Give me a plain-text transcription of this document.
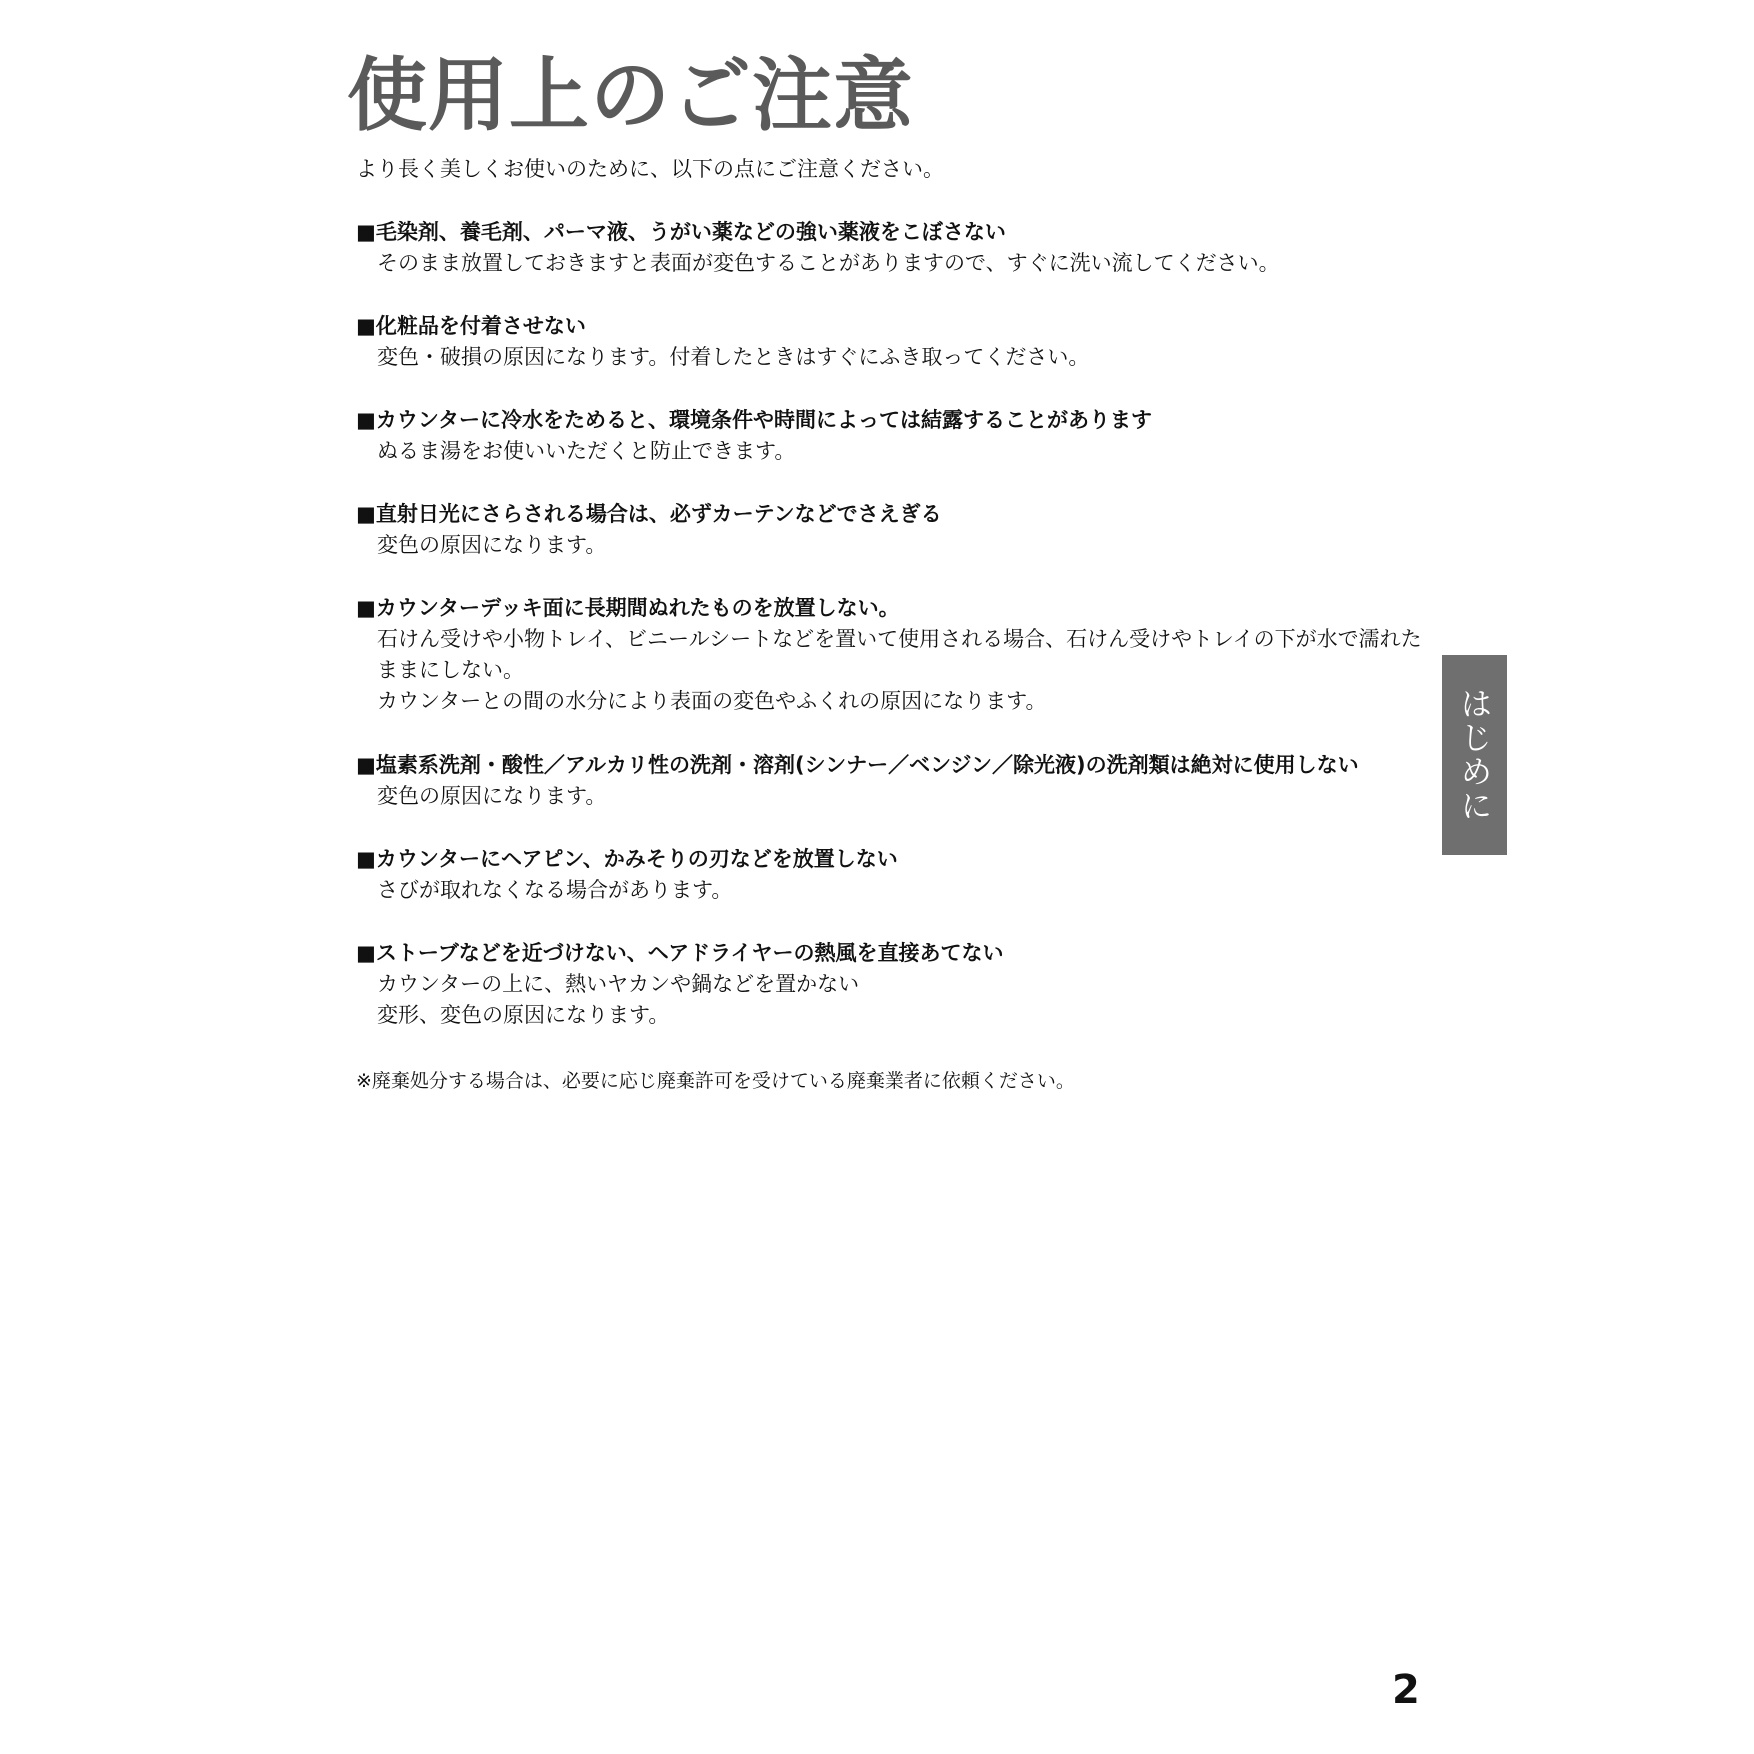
使用上のご注意

より長く美しくお使いのために、以下の点にご注意ください。

■毛染剤、養毛剤、パーマ液、うがい薬などの強い薬液をこぼさない

そのまま放置しておきますと表面が変色することがありますので、すぐに洗い流してください。

■化粧品を付着させない

変色・破損の原因になります。付着したときはすぐにふき取ってください。

■カウンターに冷水をためると、環境条件や時間によっては結露することがあります

ぬるま湯をお使いいただくと防止できます。

■直射日光にさらされる場合は、必ずカーテンなどでさえぎる

変色の原因になります。

■カウンターデッキ面に長期間ぬれたものを放置しない。

石けん受けや小物トレイ、ビニールシートなどを置いて使用される場合、石けん受けやトレイの下が水で濡れた

ままにしない。

カウンターとの間の水分により表面の変色やふくれの原因になります。

■塩素系洗剤・酸性／アルカリ性の洗剤・溶剤(シンナー／ベンジン／除光液)の洗剤類は絶対に使用しない

変色の原因になります。

■カウンターにヘアピン、かみそりの刃などを放置しない

さびが取れなくなる場合があります。

■ストーブなどを近づけない、ヘアドライヤーの熱風を直接あてない

カウンターの上に、熱いヤカンや鍋などを置かない

変形、変色の原因になります。

※廃棄処分する場合は、必要に応じ廃棄許可を受けている廃棄業者に依頼ください。

はじめに

2
